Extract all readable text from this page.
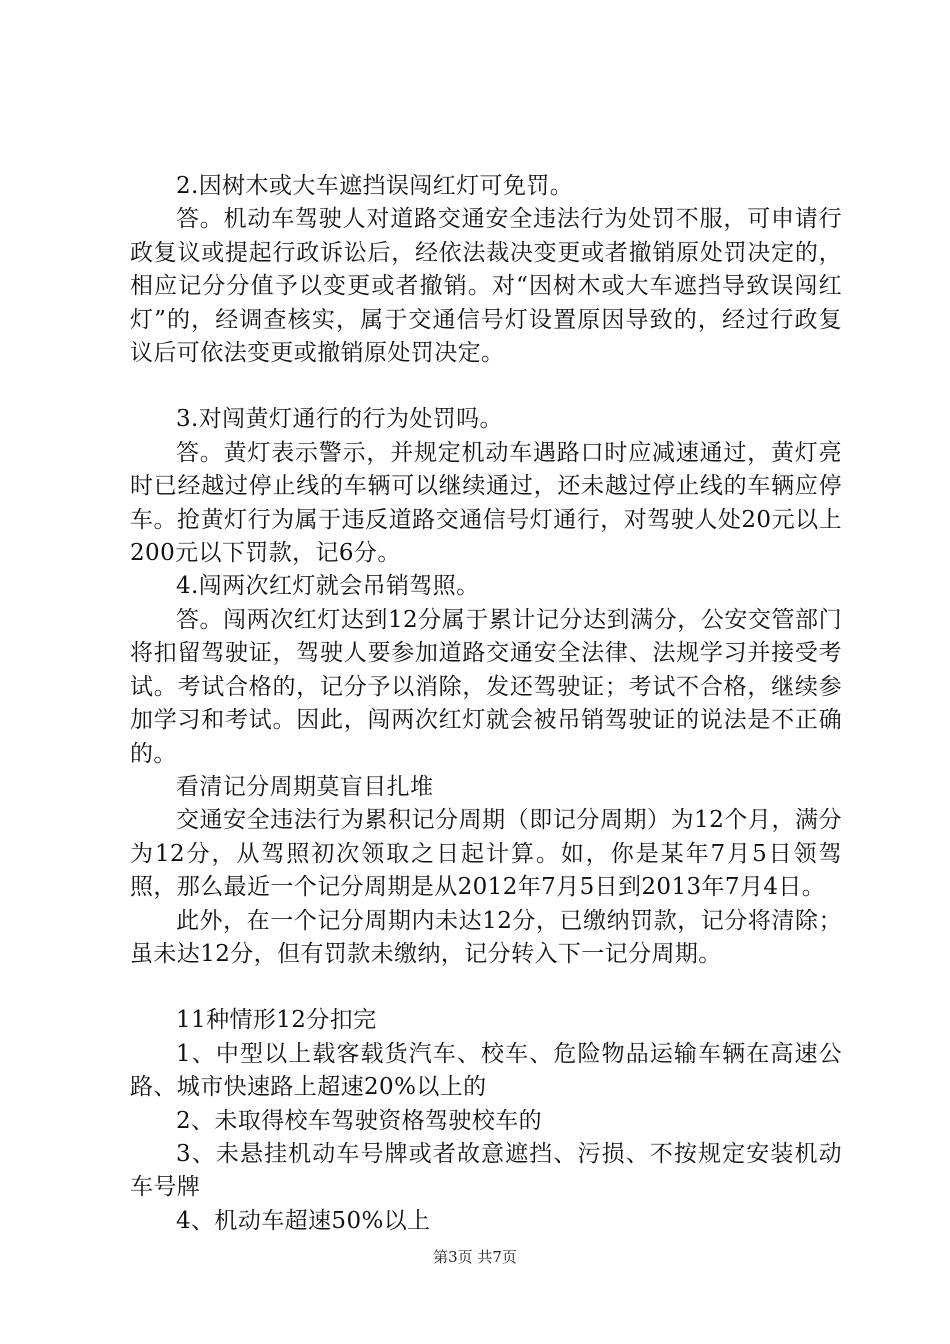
2.因树木或大车遮挡误闯红灯可免罚。

答。机动车驾驶人对道路交通安全违法行为处罚不服，可申请行政复议或提起行政诉讼后，经依法裁决变更或者撤销原处罚决定的，相应记分分值予以变更或者撤销。对“因树木或大车遮挡导致误闯红灯”的，经调查核实，属于交通信号灯设置原因导致的，经过行政复议后可依法变更或撤销原处罚决定。

3.对闯黄灯通行的行为处罚吗。

答。黄灯表示警示，并规定机动车遇路口时应减速通过，黄灯亮时已经越过停止线的车辆可以继续通过，还未越过停止线的车辆应停车。抢黄灯行为属于违反道路交通信号灯通行，对驾驶人处20元以上200元以下罚款，记6分。

4.闯两次红灯就会吊销驾照。

答。闯两次红灯达到12分属于累计记分达到满分，公安交管部门将扣留驾驶证，驾驶人要参加道路交通安全法律、法规学习并接受考试。考试合格的，记分予以消除，发还驾驶证；考试不合格，继续参加学习和考试。因此，闯两次红灯就会被吊销驾驶证的说法是不正确的。

看清记分周期莫盲目扎堆

交通安全违法行为累积记分周期（即记分周期）为12个月，满分为12分，从驾照初次领取之日起计算。如，你是某年7月5日领驾照，那么最近一个记分周期是从2012年7月5日到2013年7月4日。

此外，在一个记分周期内未达12分，已缴纳罚款，记分将清除；虽未达12分，但有罚款未缴纳，记分转入下一记分周期。

11种情形12分扣完

1、中型以上载客载货汽车、校车、危险物品运输车辆在高速公路、城市快速路上超速20%以上的

2、未取得校车驾驶资格驾驶校车的

3、未悬挂机动车号牌或者故意遮挡、污损、不按规定安装机动车号牌

4、机动车超速50%以上

第3页 共7页
